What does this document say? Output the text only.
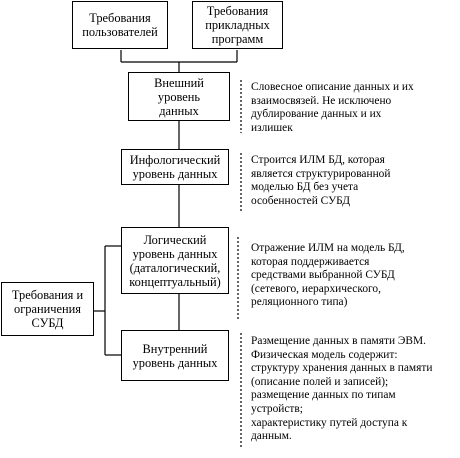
Требования
пользователей
Требования
прикладных
программ
Внешний
уровень
данных
Инфологический
уровень данных
Логический
уровень данных
(даталогический,
концептуальный)
Внутренний
уровень данных
Требования и
ограничения
СУБД
Словесное описание данных и их
взаимосвязей. Не исключено
дублирование данных и их
излишек
Строится ИЛМ БД, которая
является структурированной
моделью БД без учета
особенностей СУБД
Отражение ИЛМ на модель БД,
которая поддерживается
средствами выбранной СУБД
(сетевого, иерархического,
реляционного типа)
Размещение данных в памяти ЭВМ.
Физическая модель содержит:
структуру хранения данных в памяти
(описание полей и записей);
размещение данных по типам
устройств;
характеристику путей доступа к
данным.
